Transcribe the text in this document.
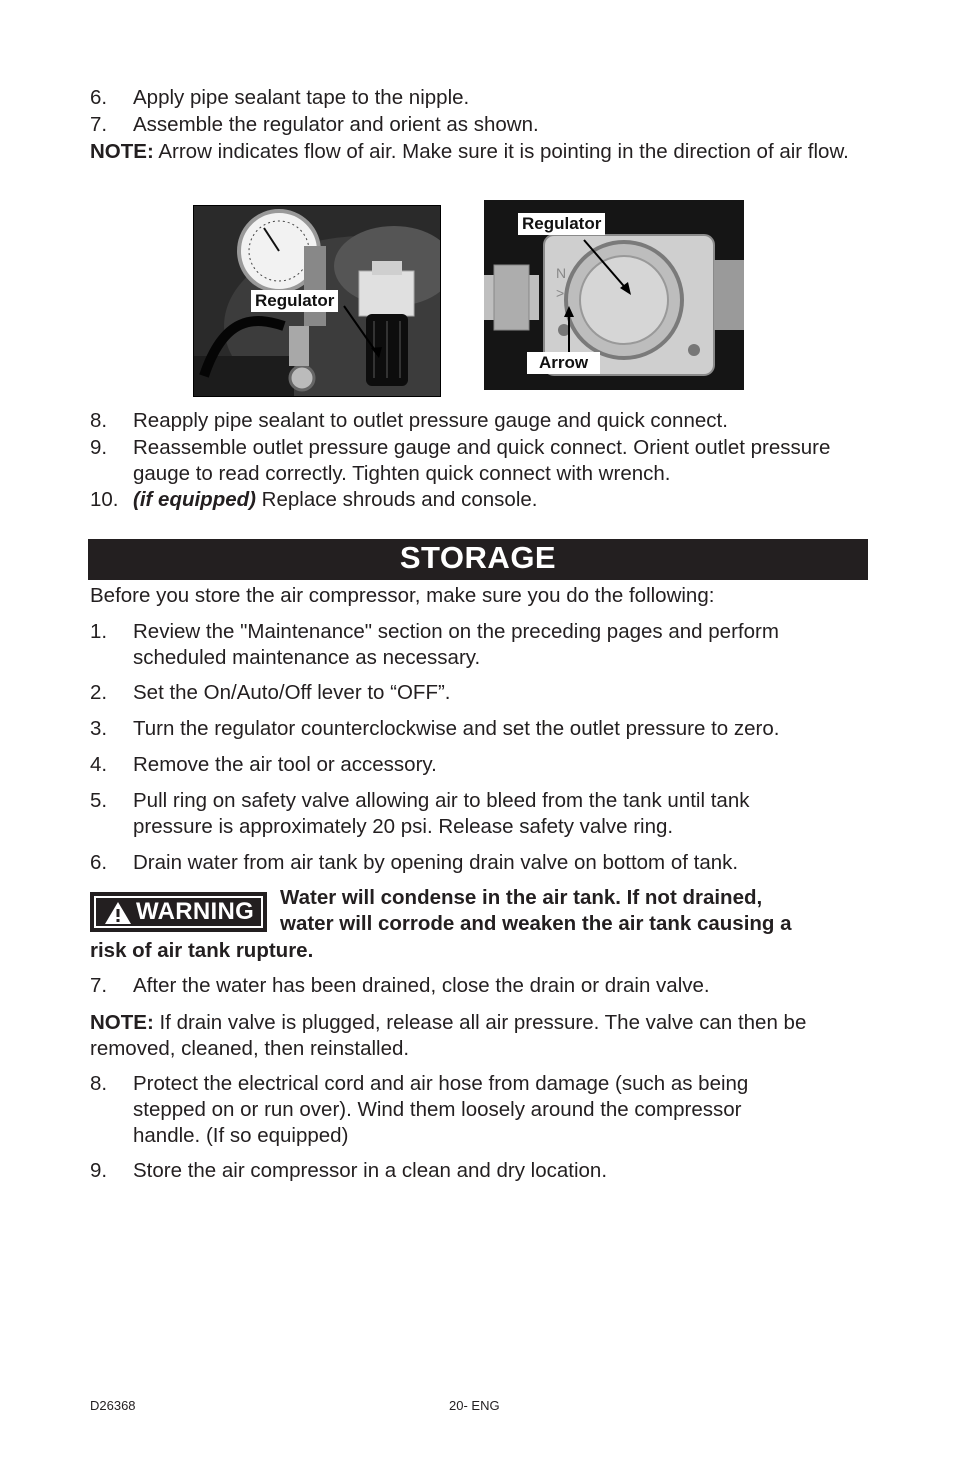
6. Apply pipe sealant tape to the nipple.
7. Assemble the regulator and orient as shown.
NOTE: Arrow indicates flow of air. Make sure it is pointing in the direction of air flow.
Regulator
N
>
Regulator
Arrow
8. Reapply pipe sealant to outlet pressure gauge and quick connect.
9. Reassemble outlet pressure gauge and quick connect. Orient outlet pressure gauge to read correctly. Tighten quick connect with wrench.
10. (if equipped) Replace shrouds and console.
STORAGE
Before you store the air compressor, make sure you do the following:
1. Review the "Maintenance" section on the preceding pages and perform scheduled maintenance as necessary.
2. Set the On/Auto/Off lever to “OFF”.
3. Turn the regulator counterclockwise and set the outlet pressure to zero.
4. Remove the air tool or accessory.
5. Pull ring on safety valve allowing air to bleed from the tank until tank pressure is approximately 20 psi. Release safety valve ring.
6. Drain water from air tank by opening drain valve on bottom of tank.
WARNING
Water will condense in the air tank. If not drained,
water will corrode and weaken the air tank causing a
risk of air tank rupture.
7. After the water has been drained, close the drain or drain valve.
NOTE: If drain valve is plugged, release all air pressure. The valve can then be removed, cleaned, then reinstalled.
8. Protect the electrical cord and air hose from damage (such as being stepped on or run over). Wind them loosely around the compressor handle. (If so equipped)
9. Store the air compressor in a clean and dry location.
D26368	20- ENG
